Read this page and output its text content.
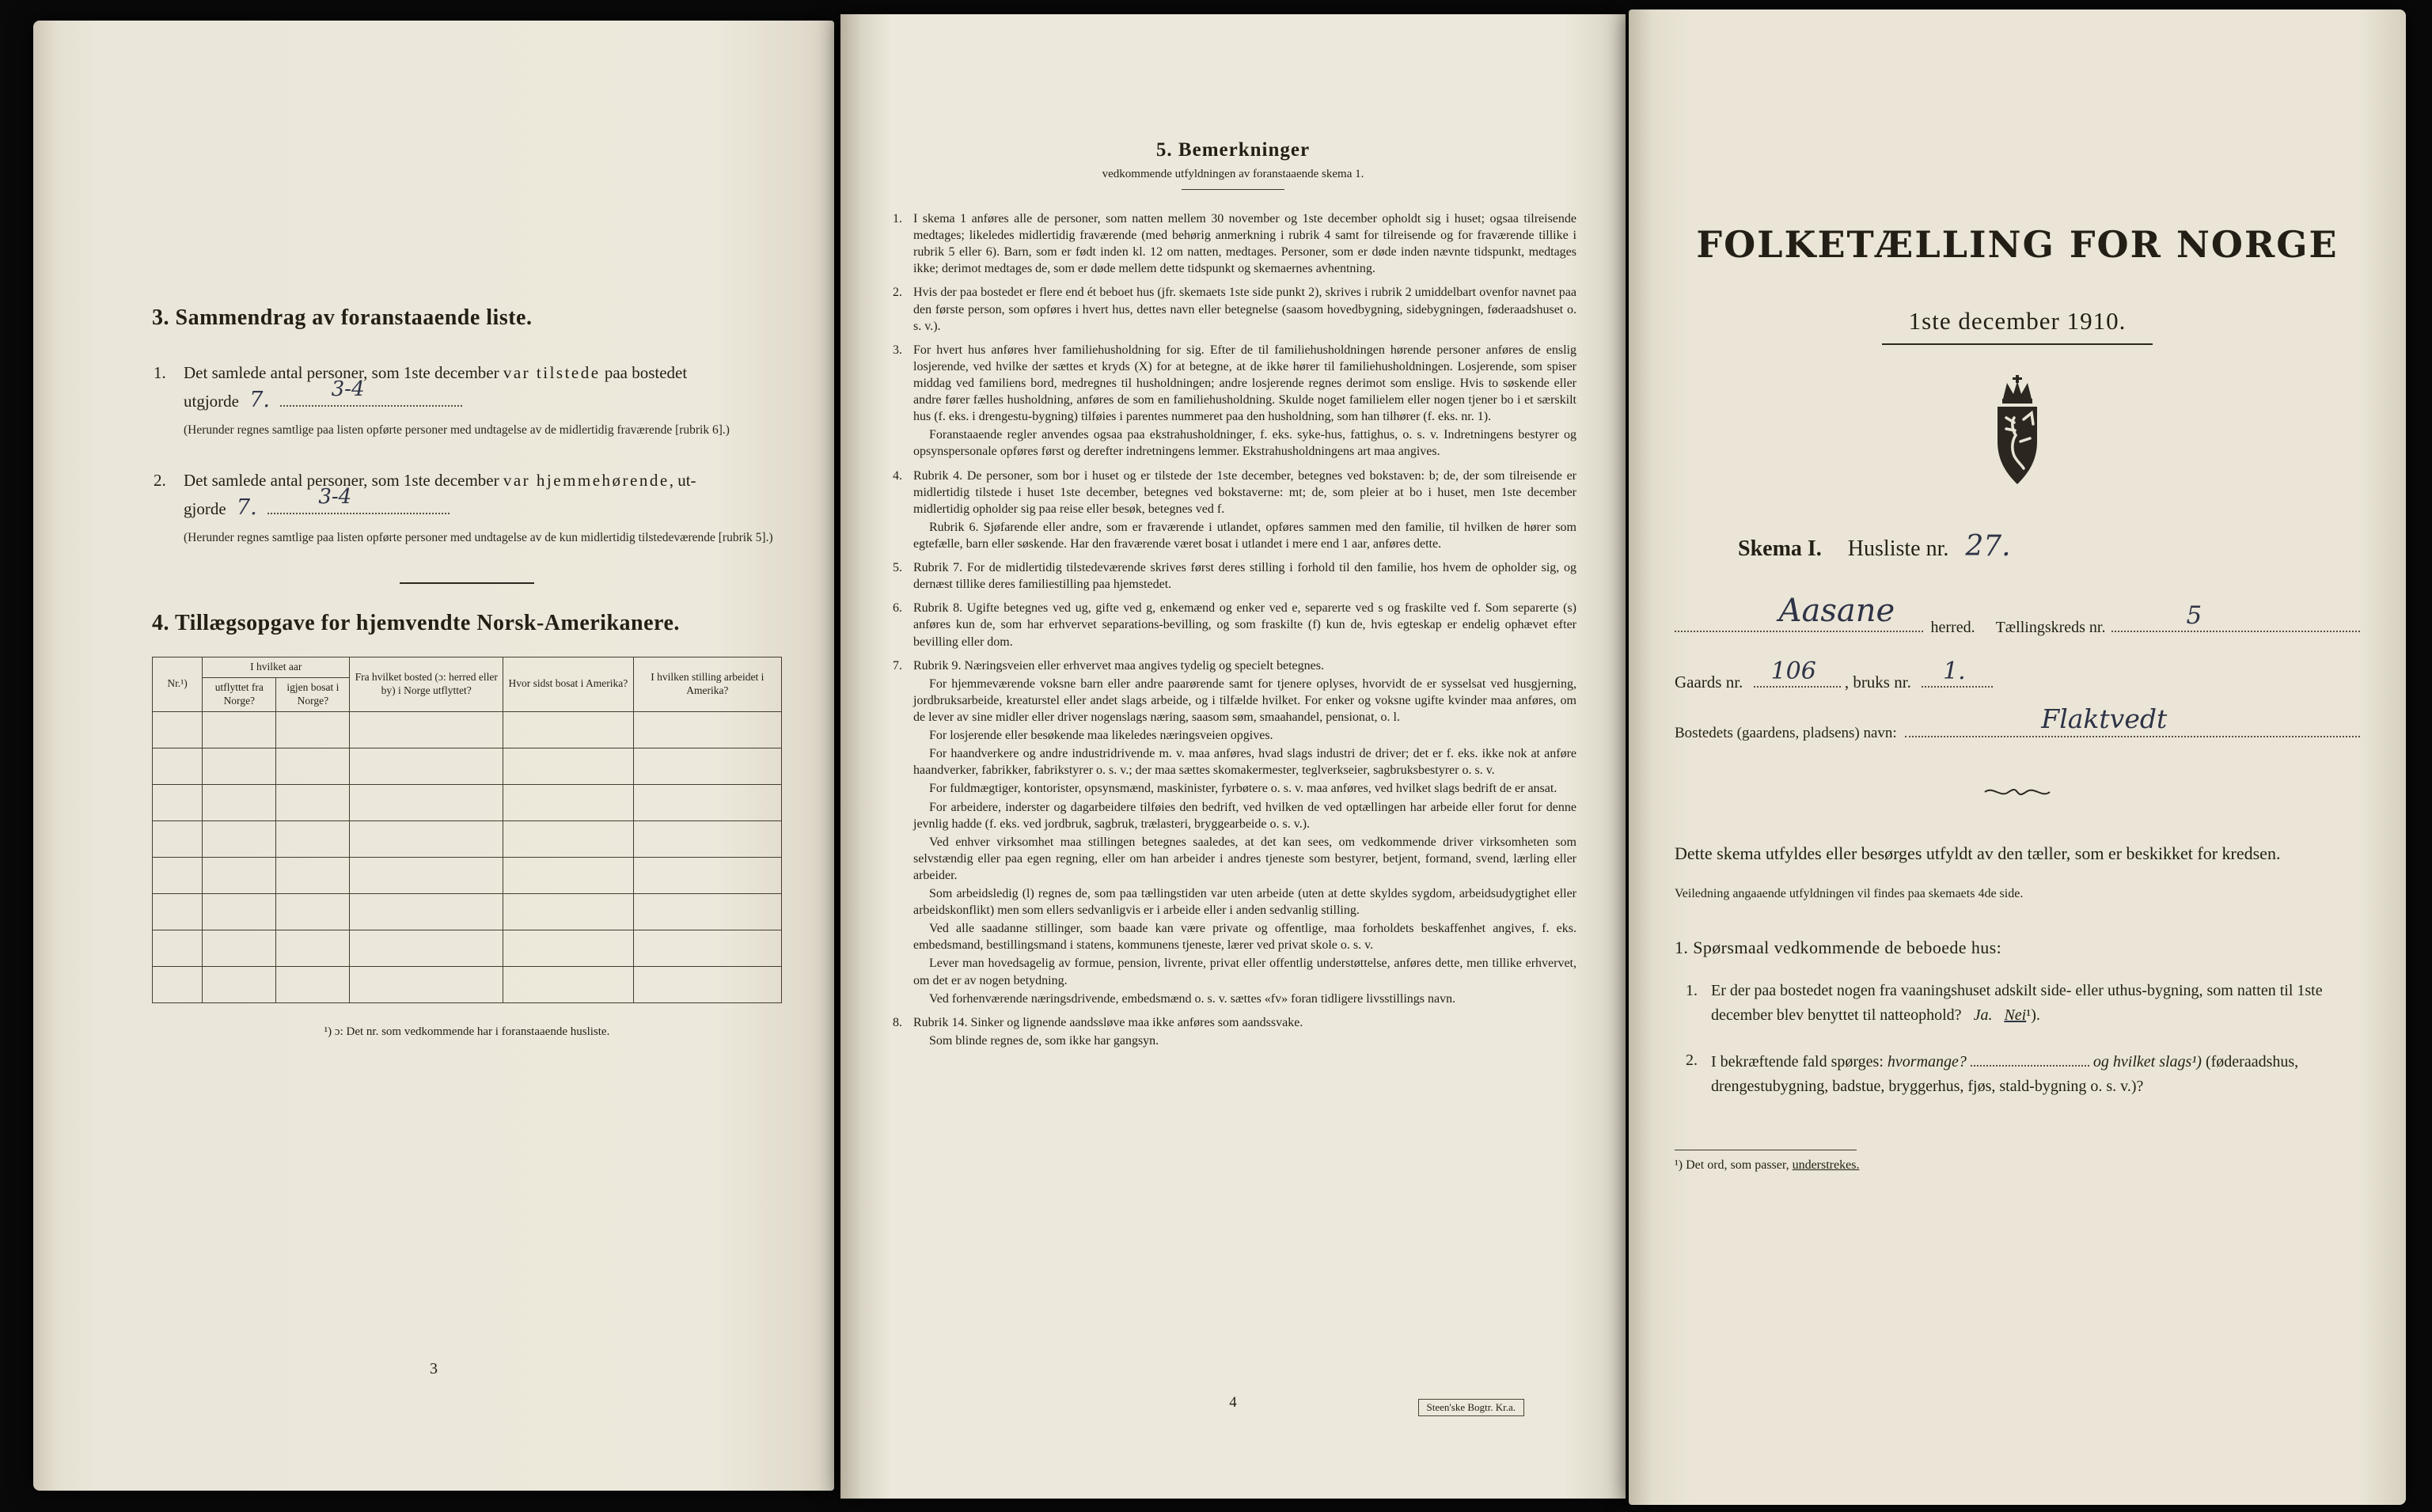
3. Sammendrag av foranstaaende liste.
1. Det samlede antal personer, som 1ste december var tilstede paa bostedet
utgjorde 7.	3-4
(Herunder regnes samtlige paa listen opførte personer med undtagelse av de midlertidig fraværende [rubrik 6].)
2. Det samlede antal personer, som 1ste december var hjemmehørende, ut-
gjorde 7.	3-4
(Herunder regnes samtlige paa listen opførte personer med undtagelse av de kun midlertidig tilstedeværende [rubrik 5].)
4. Tillægsopgave for hjemvendte Norsk-Amerikanere.
Nr.¹)	I hvilket aar		Fra hvilket bosted (ɔ: herred eller by) i Norge utflyttet?	Hvor sidst bosat i Amerika?	I hvilken stilling arbeidet i Amerika?
	utflyttet fra Norge?	igjen bosat i Norge?			

¹) ɔ: Det nr. som vedkommende har i foranstaaende husliste.
3
5. Bemerkninger
vedkommende utfyldningen av foranstaaende skema 1.
1. I skema 1 anføres alle de personer, som natten mellem 30 november og 1ste december opholdt sig i huset; ogsaa tilreisende medtages; likeledes midlertidig fraværende (med behørig anmerkning i rubrik 4 samt for tilreisende og for fraværende tillike i rubrik 5 eller 6). Barn, som er født inden kl. 12 om natten, medtages. Personer, som er døde inden nævnte tidspunkt, medtages ikke; derimot medtages de, som er døde mellem dette tidspunkt og skemaernes avhentning.

2. Hvis der paa bostedet er flere end ét beboet hus (jfr. skemaets 1ste side punkt 2), skrives i rubrik 2 umiddelbart ovenfor navnet paa den første person, som opføres i hvert hus, dettes navn eller betegnelse (saasom hovedbygning, sidebygningen, føderaadshuset o. s. v.).

3. For hvert hus anføres hver familiehusholdning for sig. Efter de til familiehusholdningen hørende personer anføres de enslig losjerende, ved hvilke der sættes et kryds (X) for at betegne, at de ikke hører til familiehusholdningen. Losjerende, som spiser middag ved familiens bord, medregnes til husholdningen; andre losjerende regnes derimot som enslige. Hvis to søskende eller andre fører fælles husholdning, anføres de som en familiehusholdning. Skulde noget familielem eller nogen tjener bo i et særskilt hus (f. eks. i drengestu-bygning) tilføies i parentes nummeret paa den husholdning, som han tilhører (f. eks. nr. 1).

Foranstaaende regler anvendes ogsaa paa ekstrahusholdninger, f. eks. syke-hus, fattighus, o. s. v. Indretningens bestyrer og opsynspersonale opføres først og derefter indretningens lemmer. Ekstrahusholdningens art maa angives.

4. Rubrik 4. De personer, som bor i huset og er tilstede der 1ste december, betegnes ved bokstaven: b; de, der som tilreisende er midlertidig tilstede i huset 1ste december, betegnes ved bokstaverne: mt; de, som pleier at bo i huset, men 1ste december midlertidig opholder sig paa reise eller besøk, betegnes ved f.

Rubrik 6. Sjøfarende eller andre, som er fraværende i utlandet, opføres sammen med den familie, til hvilken de hører som egtefælle, barn eller søskende. Har den fraværende været bosat i utlandet i mere end 1 aar, anføres dette.

5. Rubrik 7. For de midlertidig tilstedeværende skrives først deres stilling i forhold til den familie, hos hvem de opholder sig, og dernæst tillike deres familiestilling paa hjemstedet.

6. Rubrik 8. Ugifte betegnes ved ug, gifte ved g, enkemænd og enker ved e, separerte ved s og fraskilte ved f. Som separerte (s) anføres kun de, som har erhvervet separations-bevilling, og som fraskilte (f) kun de, hvis egteskap er endelig ophævet efter bevilling eller dom.

7. Rubrik 9. Næringsveien eller erhvervet maa angives tydelig og specielt betegnes.

For hjemmeværende voksne barn eller andre paarørende samt for tjenere oplyses, hvorvidt de er sysselsat ved husgjerning, jordbruksarbeide, kreaturstel eller andet slags arbeide, og i tilfælde hvilket. For enker og voksne ugifte kvinder maa anføres, om de lever av sine midler eller driver nogenslags næring, saasom søm, smaahandel, pensionat, o. l.

For losjerende eller besøkende maa likeledes næringsveien opgives.

For haandverkere og andre industridrivende m. v. maa anføres, hvad slags industri de driver; det er f. eks. ikke nok at anføre haandverker, fabrikker, fabrikstyrer o. s. v.; der maa sættes skomakermester, teglverkseier, sagbruksbestyrer o. s. v.

For fuldmægtiger, kontorister, opsynsmænd, maskinister, fyrbøtere o. s. v. maa anføres, ved hvilket slags bedrift de er ansat.

For arbeidere, inderster og dagarbeidere tilføies den bedrift, ved hvilken de ved optællingen har arbeide eller forut for denne jevnlig hadde (f. eks. ved jordbruk, sagbruk, trælasteri, bryggearbeide o. s. v.).

Ved enhver virksomhet maa stillingen betegnes saaledes, at det kan sees, om vedkommende driver virksomheten som selvstændig eller paa egen regning, eller om han arbeider i andres tjeneste som bestyrer, betjent, formand, svend, lærling eller arbeider.

Som arbeidsledig (l) regnes de, som paa tællingstiden var uten arbeide (uten at dette skyldes sygdom, arbeidsudygtighet eller arbeidskonflikt) men som ellers sedvanligvis er i arbeide eller i anden sedvanlig stilling.

Ved alle saadanne stillinger, som baade kan være private og offentlige, maa forholdets beskaffenhet angives, f. eks. embedsmand, bestillingsmand i statens, kommunens tjeneste, lærer ved privat skole o. s. v.

Lever man hovedsagelig av formue, pension, livrente, privat eller offentlig understøttelse, anføres dette, men tillike erhvervet, om det er av nogen betydning.

Ved forhenværende næringsdrivende, embedsmænd o. s. v. sættes «fv» foran tidligere livsstillings navn.

8. Rubrik 14. Sinker og lignende aandssløve maa ikke anføres som aandssvake.

Som blinde regnes de, som ikke har gangsyn.

4	Steen'ske Bogtr. Kr.a.
FOLKETÆLLING FOR NORGE
1ste december 1910.
Skema I. Husliste nr. 27.
Aasane herred. Tællingskreds nr.	5
Gaards nr. 106 , bruks nr. 1.
Bostedets (gaardens, pladsens) navn:	Flaktvedt
Dette skema utfyldes eller besørges utfyldt av den tæller, som er beskikket for kredsen.
Veiledning angaaende utfyldningen vil findes paa skemaets 4de side.
1. Spørsmaal vedkommende de beboede hus:
1. Er der paa bostedet nogen fra vaaningshuset adskilt side- eller uthus-bygning, som natten til 1ste december blev benyttet til natteophold? Ja. Nei¹).
2. I bekræftende fald spørges: hvormange?	og hvilket slags¹) (føderaadshus, drengestubygning, badstue, bryggerhus, fjøs, stald-bygning o. s. v.)?
¹) Det ord, som passer, understrekes.
